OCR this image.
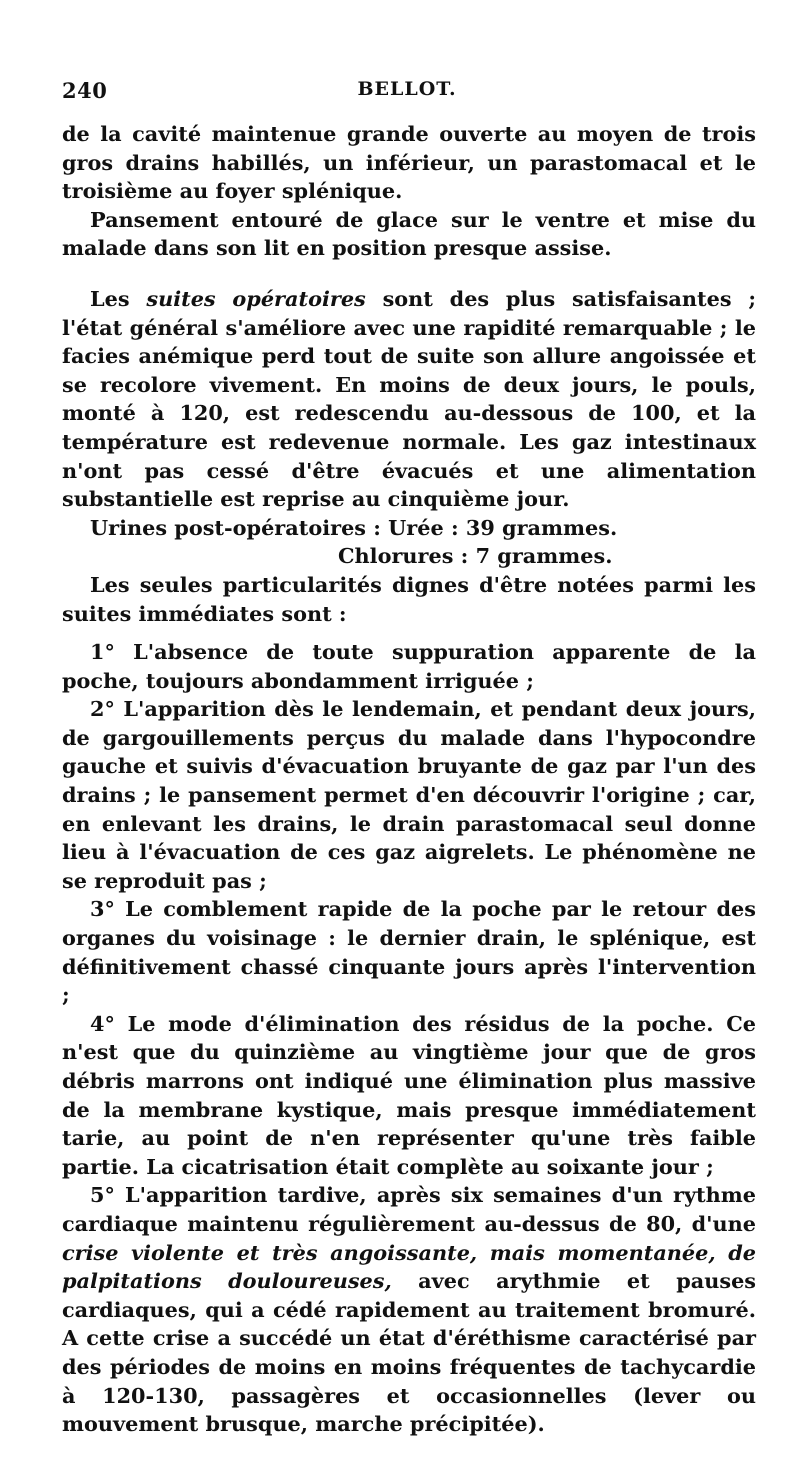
240	BELLOT.

de la cavité maintenue grande ouverte au moyen de trois gros drains habillés, un inférieur, un parastomacal et le troisième au foyer splénique.

Pansement entouré de glace sur le ventre et mise du malade dans son lit en position presque assise.

Les suites opératoires sont des plus satisfaisantes ; l'état général s'améliore avec une rapidité remarquable ; le facies anémique perd tout de suite son allure angoissée et se recolore vivement. En moins de deux jours, le pouls, monté à 120, est redescendu au-dessous de 100, et la température est redevenue normale. Les gaz intestinaux n'ont pas cessé d'être évacués et une alimentation substantielle est reprise au cinquième jour.

Urines post-opératoires : Urée : 39 grammes.

Chlorures : 7 grammes.

Les seules particularités dignes d'être notées parmi les suites immédiates sont :

1° L'absence de toute suppuration apparente de la poche, toujours abondamment irriguée ;

2° L'apparition dès le lendemain, et pendant deux jours, de gargouillements perçus du malade dans l'hypocondre gauche et suivis d'évacuation bruyante de gaz par l'un des drains ; le pansement permet d'en découvrir l'origine ; car, en enlevant les drains, le drain parastomacal seul donne lieu à l'évacuation de ces gaz aigrelets. Le phénomène ne se reproduit pas ;

3° Le comblement rapide de la poche par le retour des organes du voisinage : le dernier drain, le splénique, est définitivement chassé cinquante jours après l'intervention ;

4° Le mode d'élimination des résidus de la poche. Ce n'est que du quinzième au vingtième jour que de gros débris marrons ont indiqué une élimination plus massive de la membrane kystique, mais presque immédiatement tarie, au point de n'en représenter qu'une très faible partie. La cicatrisation était complète au soixante jour ;

5° L'apparition tardive, après six semaines d'un rythme cardiaque maintenu régulièrement au-dessus de 80, d'une crise violente et très angoissante, mais momentanée, de palpitations douloureuses, avec arythmie et pauses cardiaques, qui a cédé rapidement au traitement bromuré. A cette crise a succédé un état d'éréthisme caractérisé par des périodes de moins en moins fréquentes de tachycardie à 120-130, passagères et occasionnelles (lever ou mouvement brusque, marche précipitée).
